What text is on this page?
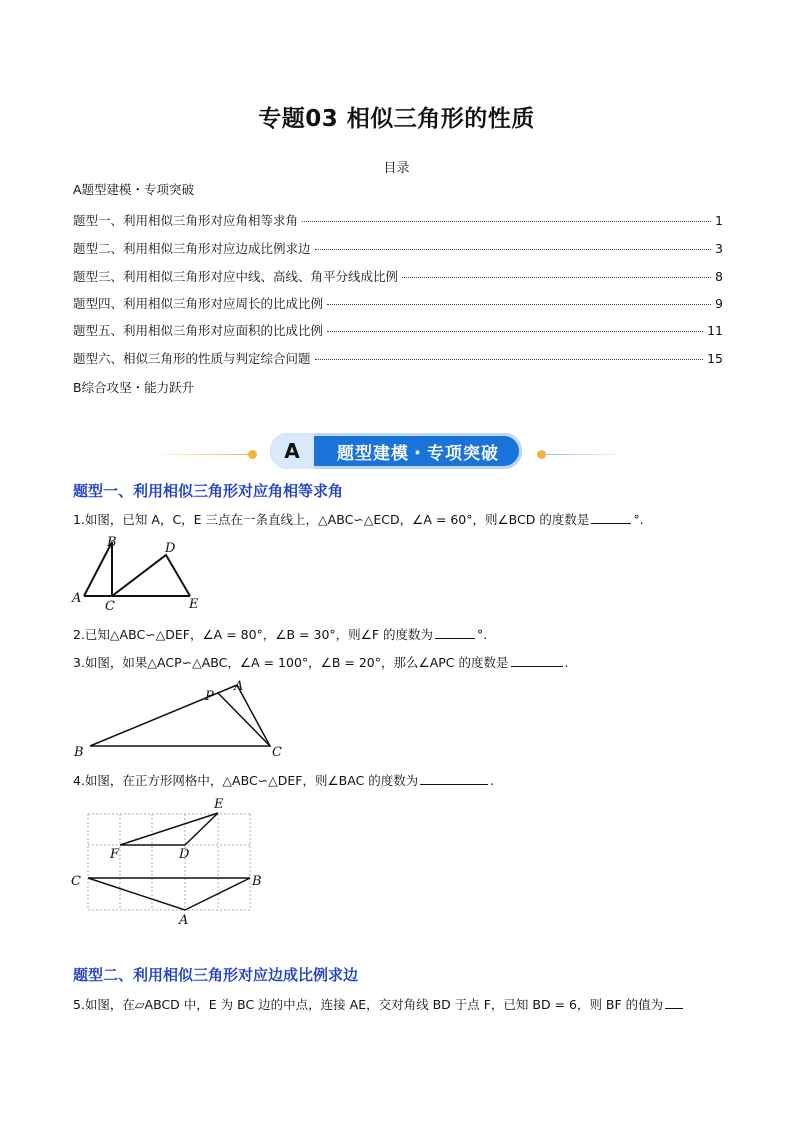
专题03 相似三角形的性质
目录
A题型建模・专项突破
题型一、利用相似三角形对应角相等求角	1
题型二、利用相似三角形对应边成比例求边	3
题型三、利用相似三角形对应中线、高线、角平分线成比例	8
题型四、利用相似三角形对应周长的比成比例	9
题型五、利用相似三角形对应面积的比成比例	11
题型六、相似三角形的性质与判定综合问题	15
B综合攻坚・能力跃升
A	题型建模・专项突破
题型一、利用相似三角形对应角相等求角
1.如图，已知 A，C，E 三点在一条直线上，△ABC∽△ECD，∠A = 60°，则∠BCD 的度数是	°.
A
B
C
D
E
2.已知△ABC∽△DEF，∠A = 80°，∠B = 30°，则∠F 的度数为	°.
3.如图，如果△ACP∽△ABC，∠A = 100°，∠B = 20°，那么∠APC 的度数是	.
P
A
B	C
4.如图，在正方形网格中，△ABC∽△DEF，则∠BAC 的度数为	.
E
F	D
C	B
A
题型二、利用相似三角形对应边成比例求边
5.如图，在▱ABCD 中，E 为 BC 边的中点，连接 AE，交对角线 BD 于点 F，已知 BD = 6，则 BF 的值为
